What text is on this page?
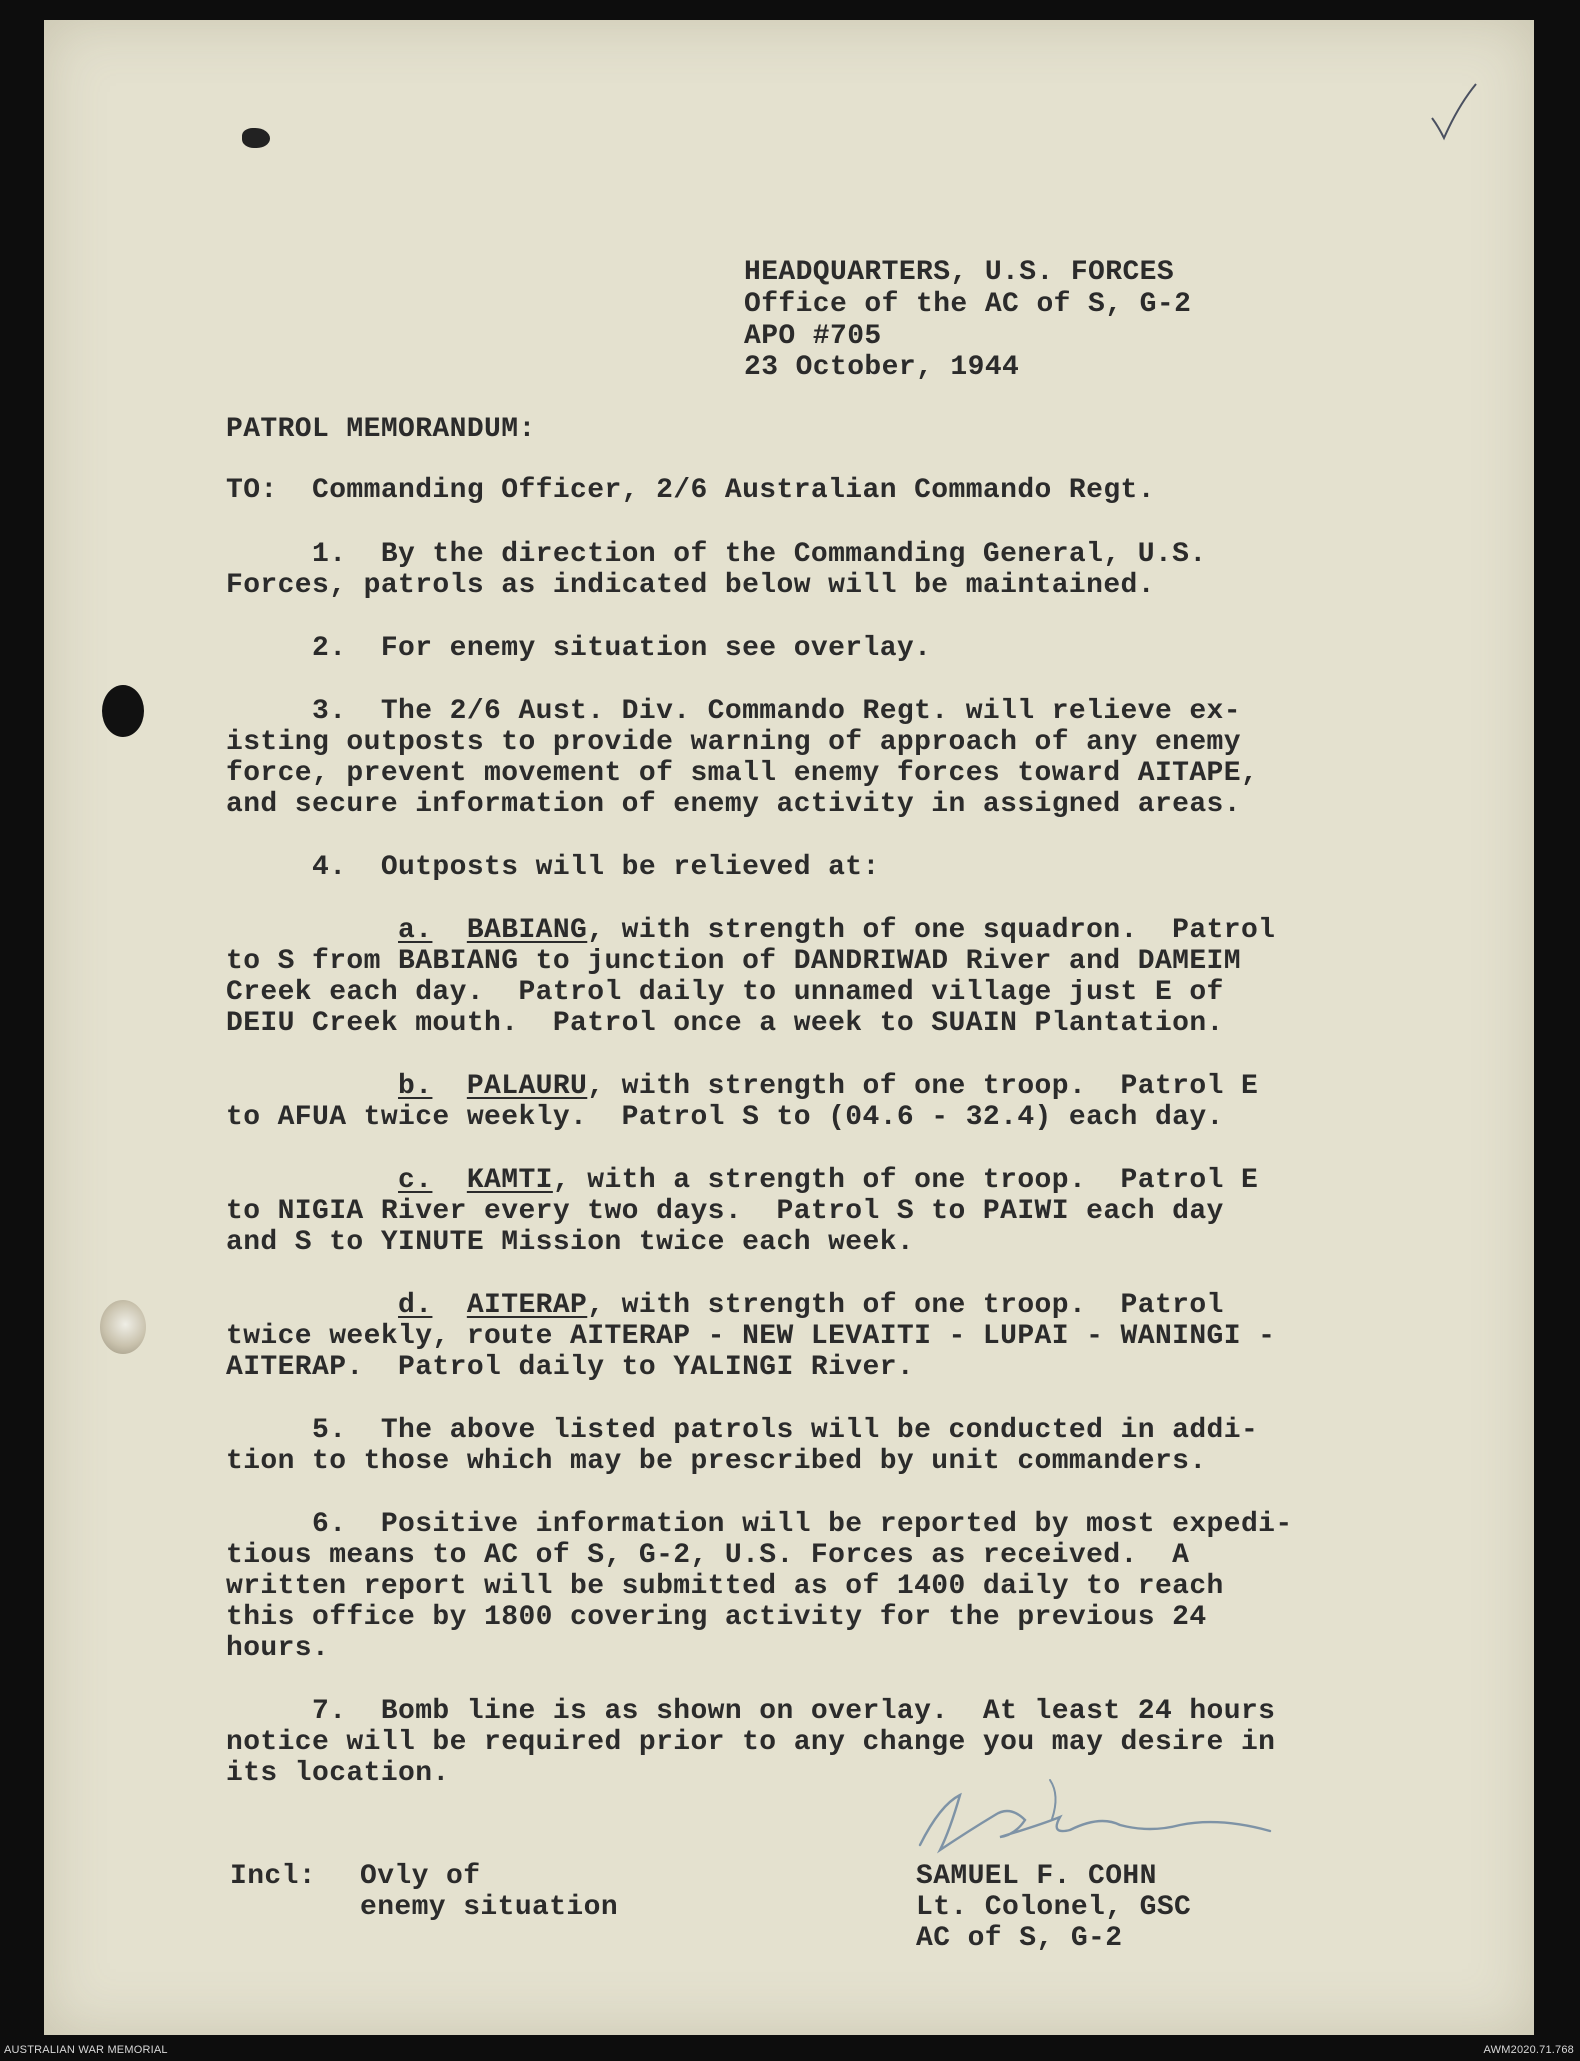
HEADQUARTERS, U.S. FORCES
Office of the AC of S, G-2
APO #705
23 October, 1944
PATROL MEMORANDUM:
TO:  Commanding Officer, 2/6 Australian Commando Regt.
1.  By the direction of the Commanding General, U.S.
Forces, patrols as indicated below will be maintained.
2.  For enemy situation see overlay.
3.  The 2/6 Aust. Div. Commando Regt. will relieve ex-
isting outposts to provide warning of approach of any enemy
force, prevent movement of small enemy forces toward AITAPE,
and secure information of enemy activity in assigned areas.
4.  Outposts will be relieved at:
a. BABIANG, with strength of one squadron.  Patrol
to S from BABIANG to junction of DANDRIWAD River and DAMEIM
Creek each day.  Patrol daily to unnamed village just E of
DEIU Creek mouth.  Patrol once a week to SUAIN Plantation.
b. PALAURU, with strength of one troop.  Patrol E
to AFUA twice weekly.  Patrol S to (04.6 - 32.4) each day.
c. KAMTI, with a strength of one troop.  Patrol E
to NIGIA River every two days.  Patrol S to PAIWI each day
and S to YINUTE Mission twice each week.
d. AITERAP, with strength of one troop.  Patrol
twice weekly, route AITERAP - NEW LEVAITI - LUPAI - WANINGI -
AITERAP.  Patrol daily to YALINGI River.
5.  The above listed patrols will be conducted in addi-
tion to those which may be prescribed by unit commanders.
6.  Positive information will be reported by most expedi-
tious means to AC of S, G-2, U.S. Forces as received.  A
written report will be submitted as of 1400 daily to reach
this office by 1800 covering activity for the previous 24
hours.
7.  Bomb line is as shown on overlay.  At least 24 hours
notice will be required prior to any change you may desire in
its location.
Incl: Ovly of
enemy situation
SAMUEL F. COHN
Lt. Colonel, GSC
AC of S, G-2
AUSTRALIAN WAR MEMORIAL	AWM2020.71.768
